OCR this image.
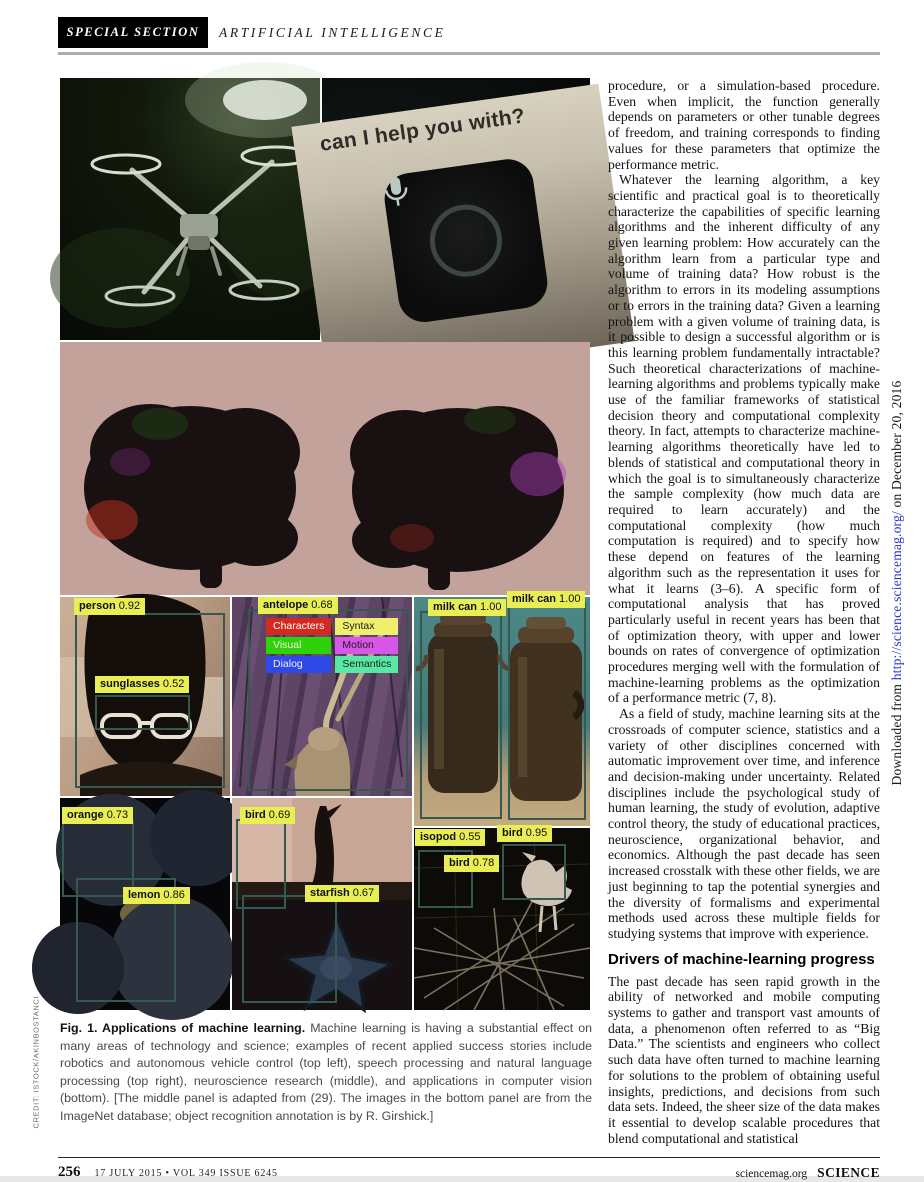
SPECIAL SECTION ARTIFICIAL INTELLIGENCE
can I help you with?
Characters	Syntax
Visual	Motion
Dialog	Semantics
person 0.92
sunglasses 0.52
antelope 0.68	milk can 1.00
milk can 1.00
orange 0.73	bird 0.69
lemon 0.86	starfish 0.67
isopod 0.55	bird 0.95
bird 0.78

Fig. 1. Applications of machine learning. Machine learning is having a substantial effect on many areas of technology and science; examples of recent applied success stories include robotics and autonomous vehicle control (top left), speech processing and natural language processing (top right), neuroscience research (middle), and applications in computer vision (bottom). [The middle panel is adapted from (29). The images in the bottom panel are from the ImageNet database; object recognition annotation is by R. Girshick.]

procedure, or a simulation-based procedure. Even when implicit, the function generally depends on parameters or other tunable degrees of freedom, and training corresponds to finding values for these parameters that optimize the performance metric.

Whatever the learning algorithm, a key scientific and practical goal is to theoretically characterize the capabilities of specific learning algorithms and the inherent difficulty of any given learning problem: How accurately can the algorithm learn from a particular type and volume of training data? How robust is the algorithm to errors in its modeling assumptions or to errors in the training data? Given a learning problem with a given volume of training data, is it possible to design a successful algorithm or is this learning problem fundamentally intractable? Such theoretical characterizations of machine-learning algorithms and problems typically make use of the familiar frameworks of statistical decision theory and computational complexity theory. In fact, attempts to characterize machine-learning algorithms theoretically have led to blends of statistical and computational theory in which the goal is to simultaneously characterize the sample complexity (how much data are required to learn accurately) and the computational complexity (how much computation is required) and to specify how these depend on features of the learning algorithm such as the representation it uses for what it learns (3–6). A specific form of computational analysis that has proved particularly useful in recent years has been that of optimization theory, with upper and lower bounds on rates of convergence of optimization procedures merging well with the formulation of machine-learning problems as the optimization of a performance metric (7, 8).

As a field of study, machine learning sits at the crossroads of computer science, statistics and a variety of other disciplines concerned with automatic improvement over time, and inference and decision-making under uncertainty. Related disciplines include the psychological study of human learning, the study of evolution, adaptive control theory, the study of educational practices, neuroscience, organizational behavior, and economics. Although the past decade has seen increased crosstalk with these other fields, we are just beginning to tap the potential synergies and the diversity of formalisms and experimental methods used across these multiple fields for studying systems that improve with experience.

Drivers of machine-learning progress

The past decade has seen rapid growth in the ability of networked and mobile computing systems to gather and transport vast amounts of data, a phenomenon often referred to as “Big Data.” The scientists and engineers who collect such data have often turned to machine learning for solutions to the problem of obtaining useful insights, predictions, and decisions from such data sets. Indeed, the sheer size of the data makes it essential to develop scalable procedures that blend computational and statistical

Downloaded from http://science.sciencemag.org/ on December 20, 2016
CREDIT: ISTOCK/AKINBOSTANCI
256 17 JULY 2015 • VOL 349 ISSUE 6245	sciencemag.org SCIENCE
